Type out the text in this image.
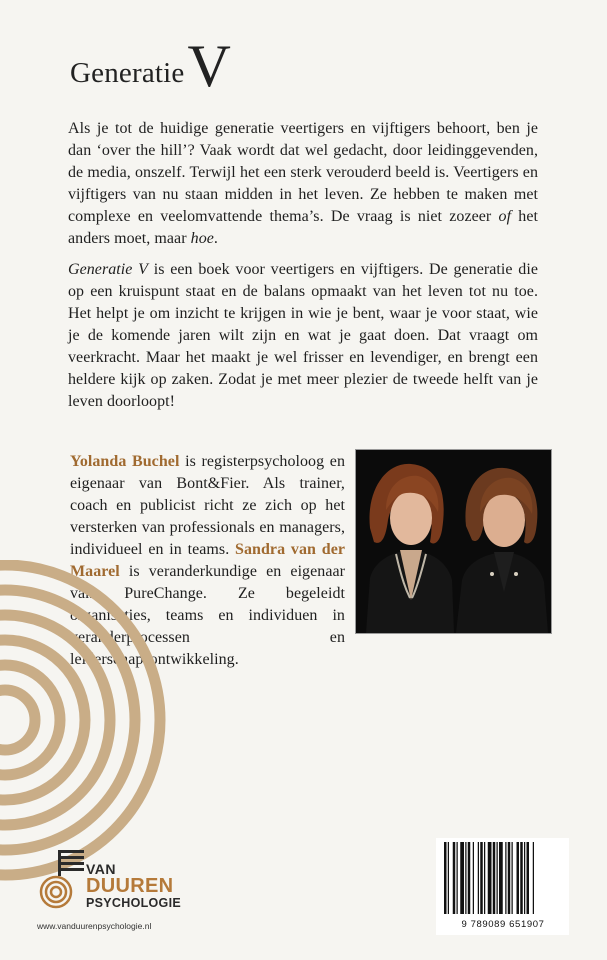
GeneratieV

Als je tot de huidige generatie veertigers en vijftigers behoort, ben je dan ‘over the hill’? Vaak wordt dat wel gedacht, door leidinggevenden, de media, onszelf. Terwijl het een sterk verouderd beeld is. Veertigers en vijftigers van nu staan midden in het leven. Ze hebben te maken met complexe en veelomvattende thema’s. De vraag is niet zozeer of het anders moet, maar hoe.

Generatie V is een boek voor veertigers en vijftigers. De generatie die op een kruispunt staat en de balans opmaakt van het leven tot nu toe. Het helpt je om inzicht te krijgen in wie je bent, waar je voor staat, wie je de komende jaren wilt zijn en wat je gaat doen. Dat vraagt om veerkracht. Maar het maakt je wel frisser en levendiger, en brengt een heldere kijk op zaken. Zodat je met meer plezier de tweede helft van je leven doorloopt!

Yolanda Buchel is registerpsycholoog en eigenaar van Bont&Fier. Als trainer, coach en publicist richt ze zich op het versterken van professionals en managers, individueel en in teams. Sandra van der Maarel is veranderkundige en eigenaar van PureChange. Ze begeleidt organisaties, teams en individuen in veranderprocessen en leiderschapsontwikkeling.

VAN

DUUREN

PSYCHOLOGIE

www.vanduurenpsychologie.nl	9 789089 651907
